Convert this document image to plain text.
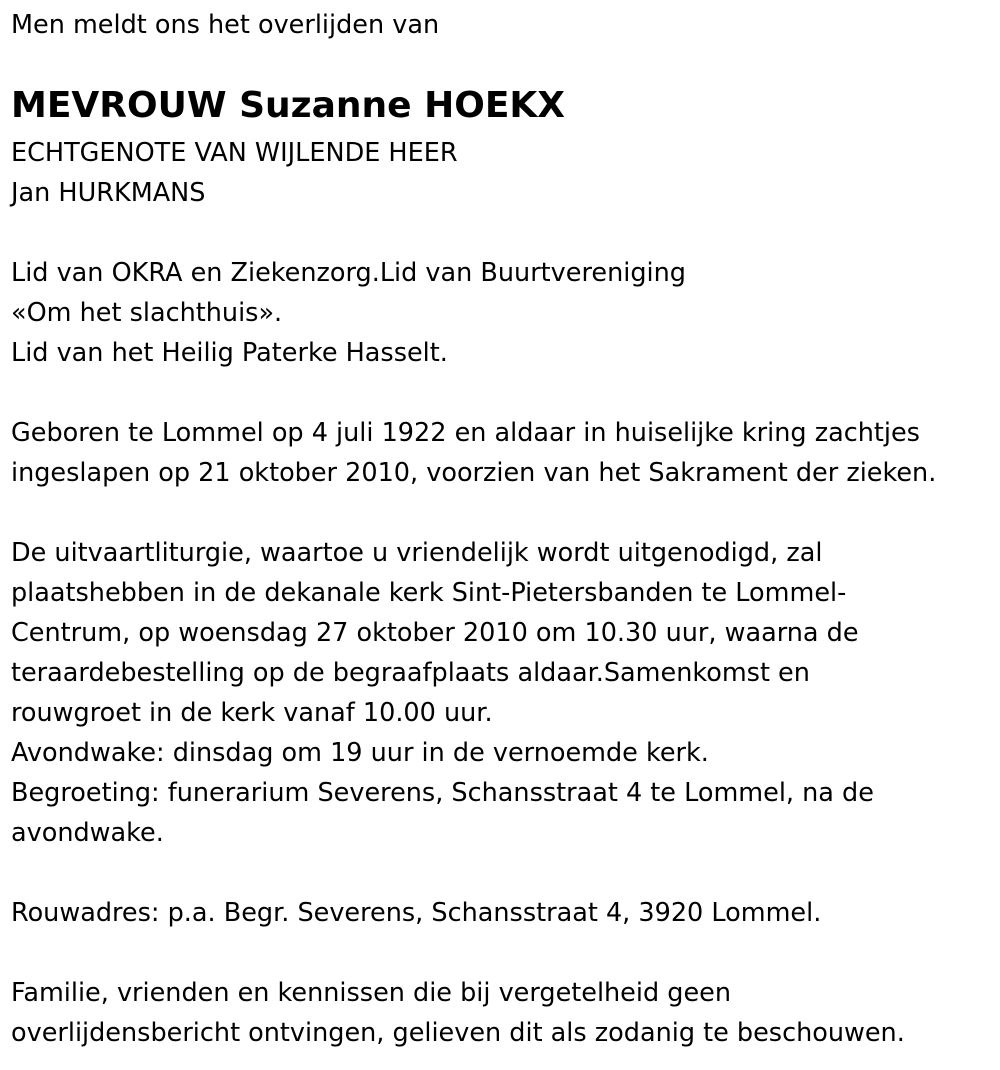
Men meldt ons het overlijden van

MEVROUW Suzanne HOEKX

ECHTGENOTE VAN WIJLENDE HEER

Jan HURKMANS

Lid van OKRA en Ziekenzorg.Lid van Buurtvereniging

«Om het slachthuis».

Lid van het Heilig Paterke Hasselt.

Geboren te Lommel op 4 juli 1922 en aldaar in huiselijke kring zachtjes

ingeslapen op 21 oktober 2010, voorzien van het Sakrament der zieken.

De uitvaartliturgie, waartoe u vriendelijk wordt uitgenodigd, zal

plaatshebben in de dekanale kerk Sint-Pietersbanden te Lommel-

Centrum, op woensdag 27 oktober 2010 om 10.30 uur, waarna de

teraardebestelling op de begraafplaats aldaar.Samenkomst en

rouwgroet in de kerk vanaf 10.00 uur.

Avondwake: dinsdag om 19 uur in de vernoemde kerk.

Begroeting: funerarium Severens, Schansstraat 4 te Lommel, na de

avondwake.

Rouwadres: p.a. Begr. Severens, Schansstraat 4, 3920 Lommel.

Familie, vrienden en kennissen die bij vergetelheid geen

overlijdensbericht ontvingen, gelieven dit als zodanig te beschouwen.
